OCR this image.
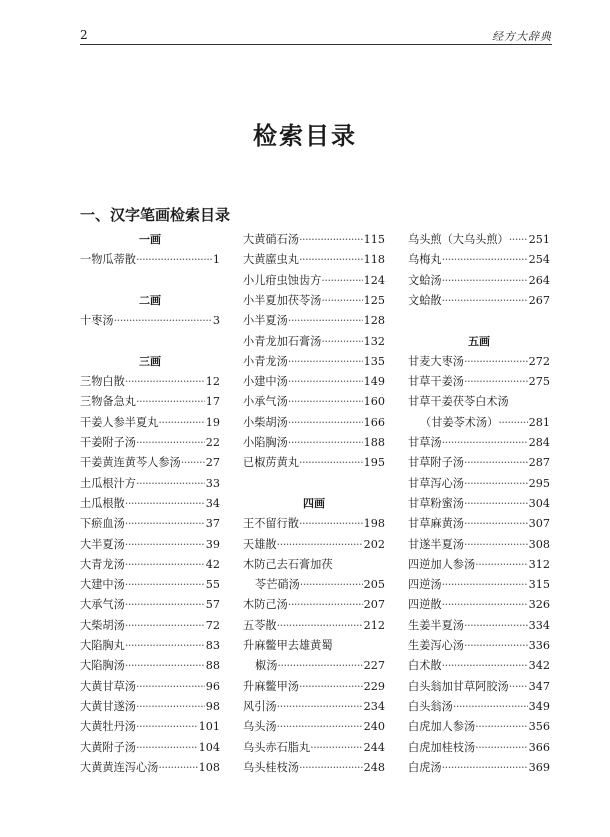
2	经方大辞典
检索目录
一、汉字笔画检索目录
一画
一物瓜蒂散 ·····	1
二画
十枣汤 ·····	3
三画
三物白散 ·····	12
三物备急丸 ·····	17
干姜人参半夏丸 ·····	19
干姜附子汤 ·····	22
干姜黄连黄芩人参汤 ····· 27
土瓜根汁方 ·····	33
土瓜根散 ·····	34
下瘀血汤 ·····	37
大半夏汤 ·····	39
大青龙汤 ·····	42
大建中汤 ·····	55
大承气汤 ·····	57
大柴胡汤 ·····	72
大陷胸丸 ·····	83
大陷胸汤 ·····	88
大黄甘草汤 ·····	96
大黄甘遂汤 ·····	98
大黄牡丹汤 ·····	101
大黄附子汤 ·····	104
大黄黄连泻心汤 ·····	108
大黄硝石汤 ·····	115
大黄䗪虫丸 ·····	118
小儿疳虫蚀齿方 ·····	124
小半夏加茯苓汤 ·····	125
小半夏汤 ·····	128
小青龙加石膏汤 ·····	132
小青龙汤 ·····	135
小建中汤 ·····	149
小承气汤 ·····	160
小柴胡汤 ·····	166
小陷胸汤 ·····	188
已椒苈黄丸 ·····	195
四画
王不留行散 ·····	198
天雄散 ·····	202
木防己去石膏加茯
苓芒硝汤 ·····	205
木防己汤 ·····	207
五苓散 ·····	212
升麻鳖甲去雄黄蜀
椒汤 ·····	227
升麻鳖甲汤 ·····	229
风引汤 ·····	234
乌头汤 ·····	240
乌头赤石脂丸 ·····	244
乌头桂枝汤 ·····	248
乌头煎（大乌头煎） ····· 251
乌梅丸 ·····	254
文蛤汤 ·····	264
文蛤散 ·····	267
五画
甘麦大枣汤 ·····	272
甘草干姜汤 ·····	275
甘草干姜茯苓白术汤
（甘姜苓术汤） ·····	281
甘草汤 ·····	284
甘草附子汤 ·····	287
甘草泻心汤 ·····	295
甘草粉蜜汤 ·····	304
甘草麻黄汤 ·····	307
甘遂半夏汤 ·····	308
四逆加人参汤 ·····	312
四逆汤 ·····	315
四逆散 ·····	326
生姜半夏汤 ·····	334
生姜泻心汤 ·····	336
白术散 ·····	342
白头翁加甘草阿胶汤 ····· 347
白头翁汤 ·····	349
白虎加人参汤 ·····	356
白虎加桂枝汤 ·····	366
白虎汤 ·····	369
